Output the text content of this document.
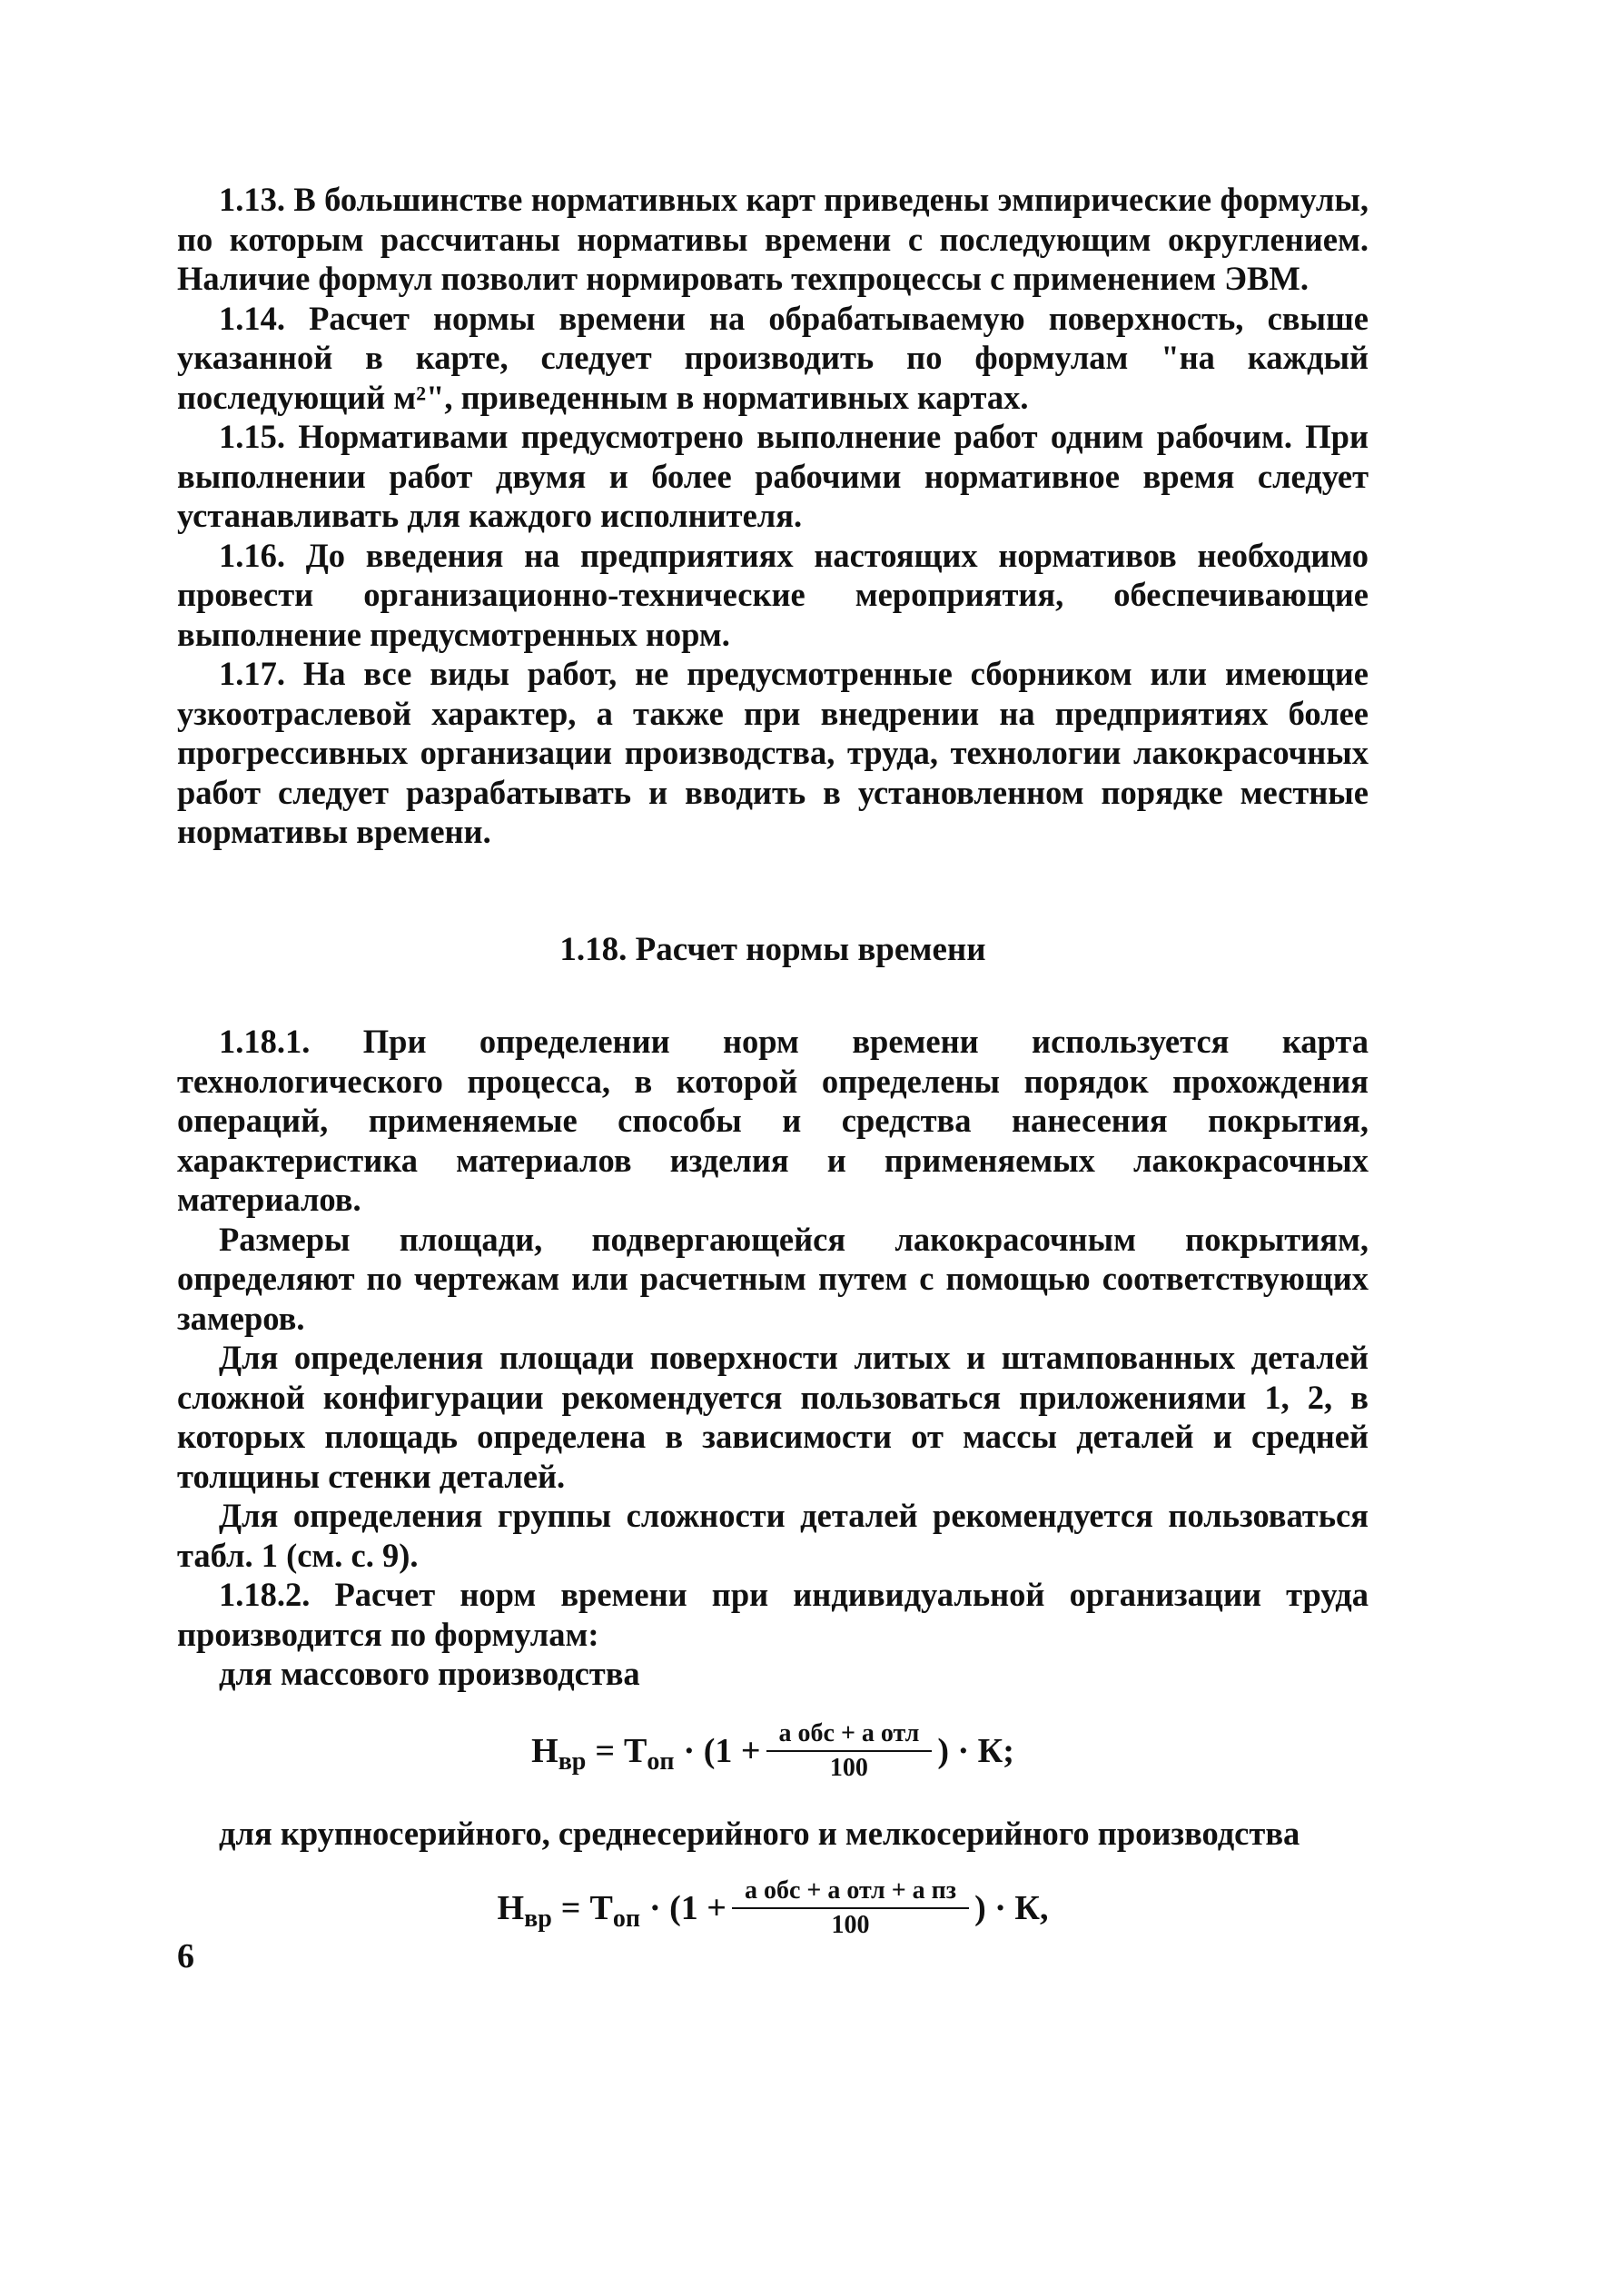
1.13. В большинстве нормативных карт приведены эмпирические формулы, по которым рассчитаны нормативы времени с последующим округлением. Наличие формул позволит нормировать техпроцессы с применением ЭВМ.

1.14. Расчет нормы времени на обрабатываемую поверхность, свыше указанной в карте, следует производить по формулам "на каждый последующий м²", приведенным в нормативных картах.

1.15. Нормативами предусмотрено выполнение работ одним рабочим. При выполнении работ двумя и более рабочими нормативное время следует устанавливать для каждого исполнителя.

1.16. До введения на предприятиях настоящих нормативов необходимо провести организационно-технические мероприятия, обеспечивающие выполнение предусмотренных норм.

1.17. На все виды работ, не предусмотренные сборником или имеющие узкоотраслевой характер, а также при внедрении на предприятиях более прогрессивных организации производства, труда, технологии лакокрасочных работ следует разрабатывать и вводить в установленном порядке местные нормативы времени.

1.18. Расчет нормы времени

1.18.1. При определении норм времени используется карта технологического процесса, в которой определены порядок прохождения операций, применяемые способы и средства нанесения покрытия, характеристика материалов изделия и применяемых лакокрасочных материалов.

Размеры площади, подвергающейся лакокрасочным покрытиям, определяют по чертежам или расчетным путем с помощью соответствующих замеров.

Для определения площади поверхности литых и штампованных деталей сложной конфигурации рекомендуется пользоваться приложениями 1, 2, в которых площадь определена в зависимости от массы деталей и средней толщины стенки деталей.

Для определения группы сложности деталей рекомендуется пользоваться табл. 1 (см. с. 9).

1.18.2. Расчет норм времени при индивидуальной организации труда производится по формулам:

для массового производства

Н вр = Т оп · ($1 + \frac{\text{a обс + a отл}}{100}$ ) · К;

для крупносерийного, среднесерийного и мелкосерийного производства

Н вр = Т оп · ($1 + \frac{\text{a обс + a отл + a пз}}{100}$ ) · К,
6
